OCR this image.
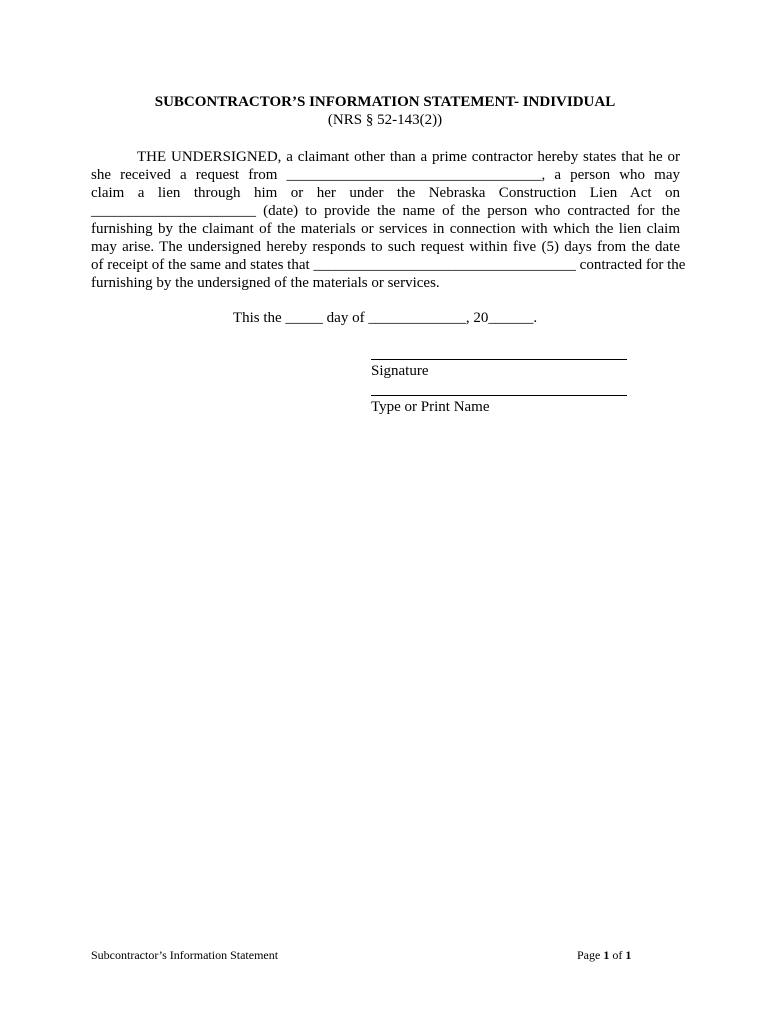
SUBCONTRACTOR’S INFORMATION STATEMENT- INDIVIDUAL
(NRS § 52-143(2))
THE UNDERSIGNED, a claimant other than a prime contractor hereby states that he or
she received a request from __________________________________, a person who may
claim a lien through him or her under the Nebraska Construction Lien Act on
______________________ (date) to provide the name of the person who contracted for the
furnishing by the claimant of the materials or services in connection with which the lien claim
may arise. The undersigned hereby responds to such request within five (5) days from the date
of receipt of the same and states that ___________________________________ contracted for the
furnishing by the undersigned of the materials or services.
This the _____ day of _____________, 20______.
Signature
Type or Print Name
Subcontractor’s Information Statement	Page 1 of 1
